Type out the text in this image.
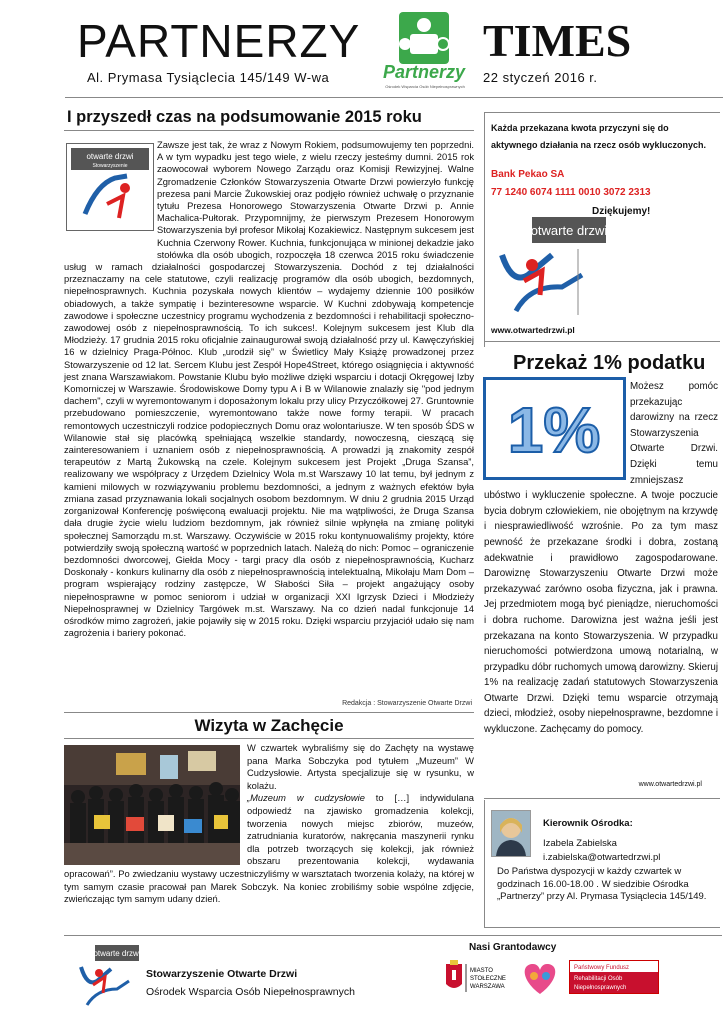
PARTNERZY
Partnerzy
Ośrodek Wsparcia Osób Niepełnosprawnych
TIMES
Al. Prymasa Tysiąclecia 145/149 W-wa	22 styczeń 2016 r.
I przyszedł czas na podsumowanie 2015 roku
Zawsze jest tak, że wraz z Nowym Rokiem, podsumowujemy ten poprzedni. A w tym wypadku jest tego wiele, z wielu rzeczy jesteśmy dumni. 2015 rok zaowocował wyborem Nowego Zarządu oraz Komisji Rewizyjnej. Walne Zgromadzenie Członków Stowarzyszenia Otwarte Drzwi powierzyło funkcję prezesa pani Marcie Żukowskiej oraz podjęło również uchwałę o przyznanie tytułu Prezesa Honorowego Stowarzyszenia Otwarte Drzwi p. Annie Machalica-Pułtorak. Przypomnijmy, że pierwszym Prezesem Honorowym Stowarzyszenia był profesor Mikołaj Kozakiewicz. Następnym sukcesem jest Kuchnia Czerwony Rower. Kuchnia, funkcjonująca w minionej dekadzie jako stołówka dla osób ubogich, rozpoczęła 18 czerwca 2015 roku świadczenie usług w ramach działalności gospodarczej Stowarzyszenia. Dochód z tej działalności przeznaczamy na cele statutowe, czyli realizację programów dla osób ubogich, bezdomnych, niepełnosprawnych. Kuchnia pozyskała nowych klientów – wydajemy dziennie 100 posiłków obiadowych, a także sympatię i bezinteresowne wsparcie. W Kuchni zdobywają kompetencje zawodowe i społeczne uczestnicy programu wychodzenia z bezdomności i rehabilitacji społeczno-zawodowej osób z niepełnosprawnością. To ich sukces!. Kolejnym sukcesem jest Klub dla Młodzieży. 17 grudnia 2015 roku oficjalnie zainaugurował swoją działalność przy ul. Kawęczyńskiej 16 w dzielnicy Praga-Północ. Klub „urodził się” w Świetlicy Mały Książę prowadzonej przez Stowarzyszenie od 12 lat. Sercem Klubu jest Zespół Hope4Street, którego osiągnięcia i aktywność jest znana Warszawiakom. Powstanie Klubu było możliwe dzięki wsparciu i dotacji Okręgowej Izby Komorniczej w Warszawie. Środowiskowe Domy typu A i B w Wilanowie znalazły się "pod jednym dachem", czyli w wyremontowanym i doposażonym lokalu przy ulicy Przyczółkowej 27. Gruntownie przebudowano pomieszczenie, wyremontowano także nowe formy terapii. W pracach remontowych uczestniczyli rodzice podopiecznych Domu oraz wolontariusze. W ten sposób ŚDS w Wilanowie stał się placówką spełniającą wszelkie standardy, nowoczesną, cieszącą się zainteresowaniem i uznaniem osób z niepełnosprawnością. A prowadzi ją znakomity zespół terapeutów z Martą Żukowską na czele. Kolejnym sukcesem jest Projekt „Druga Szansa”, realizowany we współpracy z Urzędem Dzielnicy Wola m.st Warszawy 10 lat temu, był jednym z kamieni milowych w rozwiązywaniu problemu bezdomności, a jednym z ważnych efektów była zmiana zasad przyznawania lokali socjalnych osobom bezdomnym. W dniu 2 grudnia 2015 Urząd zorganizował Konferencję poświęconą ewaluacji projektu. Nie ma wątpliwości, że Druga Szansa dała drugie życie wielu ludziom bezdomnym, jak również silnie wpłynęła na zmianę polityki społecznej Samorządu m.st. Warszawy. Oczywiście w 2015 roku kontynuowaliśmy projekty, które potwierdziły swoją społeczną wartość w poprzednich latach. Należą do nich: Pomoc – ograniczenie bezdomności dworcowej, Giełda Mocy - targi pracy dla osób z niepełnosprawnością, Kucharz Doskonały - konkurs kulinarny dla osób z niepełnosprawnością intelektualną, Mikołaju Mam Dom – program wspierający rodziny zastępcze, W Słabości Siła – projekt angażujący osoby niepełnosprawne w pomoc seniorom i udział w organizacji XXI Igrzysk Dzieci i Młodzieży Niepełnosprawnej w Dzielnicy Targówek m.st. Warszawy. Na co dzień nadal funkcjonuje 14 ośrodków mimo zagrożeń, jakie pojawiły się w 2015 roku. Dzięki wsparciu przyjaciół udało się nam zagrożenia i bariery pokonać.
otwarte drzwi
Stowarzyszenie
Redakcja : Stowarzyszenie Otwarte Drzwi
Wizyta w Zachęcie
W czwartek wybraliśmy się do Zachęty na wystawę pana Marka Sobczyka pod tytułem „Muzeum” W Cudzysłowie. Artysta specjalizuje się w rysunku, w kolażu.
„Muzeum w cudzysłowie to […] indywidulana odpowiedź na zjawisko gromadzenia kolekcji, tworzenia nowych miejsc zbiorów, muzeów, zatrudniania kuratorów, nakręcania maszynerii rynku dla potrzeb tworzących się kolekcji, jak również obszaru prezentowania kolekcji, wydawania opracowań”. Po zwiedzaniu wystawy uczestniczyliśmy w warsztatach tworzenia kolaży, na której w tym samym czasie pracował pan Marek Sobczyk. Na koniec zrobiliśmy sobie wspólne zdjęcie, zwieńczając tym samym udany dzień.
Każda przekazana kwota przyczyni się do aktywnego działania na rzecz osób wykluczonych.
Bank Pekao SA
77 1240 6074 1111 0010 3072 2313
Dziękujemy!
otwarte drzwi
www.otwartedrzwi.pl
Przekaż 1% podatku
Możesz pomóc przekazując darowizny na rzecz Stowarzyszenia Otwarte Drzwi. Dzięki temu zmniejszasz ubóstwo i wykluczenie społeczne. A twoje poczucie bycia dobrym człowiekiem, nie obojętnym na krzywdę i niesprawiedliwość wzrośnie. Po za tym masz pewność że przekazane środki i dobra, zostaną adekwatnie i prawidłowo zagospodarowane. Darowiznę Stowarzyszeniu Otwarte Drzwi może przekazywać zarówno osoba fizyczna, jak i prawna. Jej przedmiotem mogą być pieniądze, nieruchomości i dobra ruchome. Darowizna jest ważna jeśli jest przekazana na konto Stowarzyszenia. W przypadku nieruchomości potwierdzona umową notarialną, w przypadku dóbr ruchomych umową darowizny. Skieruj 1% na realizację zadań statutowych Stowarzyszenia Otwarte Drzwi. Dzięki temu wsparcie otrzymają dzieci, młodzież, osoby niepełnosprawne, bezdomne i wykluczone. Zachęcamy do pomocy.
1%
www.otwartedrzwi.pl
Kierownik Ośrodka:
Izabela Zabielska
i.zabielska@otwartedrzwi.pl
Do Państwa dyspozycji w każdy czwartek w godzinach 16.00-18.00 . W siedzibie Ośrodka „Partnerzy” przy Al. Prymasa Tysiąclecia 145/149.
otwarte drzwi
Stowarzyszenie Otwarte Drzwi
Ośrodek Wsparcia Osób Niepełnosprawnych
Nasi Grantodawcy
MIASTO
STOŁECZNE
WARSZAWA
Państwowy Fundusz
Rehabilitacji Osób
Niepełnosprawnych
